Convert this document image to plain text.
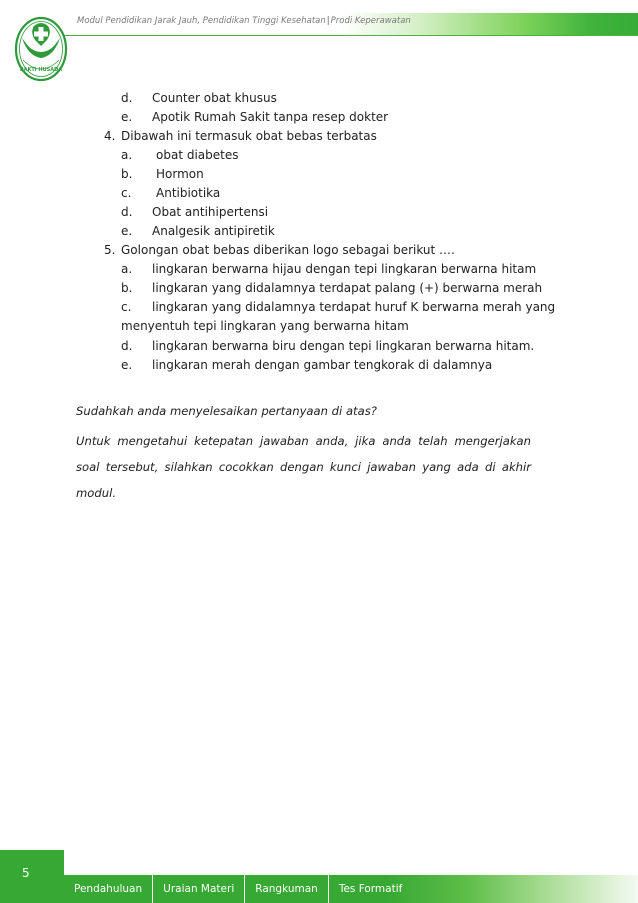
Modul Pendidikan Jarak Jauh, Pendidikan Tinggi Kesehatan|Prodi Keperawatan
BAKTI HUSADA
d. Counter obat khusus
e. Apotik Rumah Sakit tanpa resep dokter
4. Dibawah ini termasuk obat bebas terbatas
a. obat diabetes
b. Hormon
c. Antibiotika
d. Obat antihipertensi
e. Analgesik antipiretik
5. Golongan obat bebas diberikan logo sebagai berikut ….
a. lingkaran berwarna hijau dengan tepi lingkaran berwarna hitam
b. lingkaran yang didalamnya terdapat palang (+) berwarna merah
c. lingkaran yang didalamnya terdapat huruf K berwarna merah yang
menyentuh tepi lingkaran yang berwarna hitam
d. lingkaran berwarna biru dengan tepi lingkaran berwarna hitam.
e. lingkaran merah dengan gambar tengkorak di dalamnya
Sudahkah anda menyelesaikan pertanyaan di atas?
Untuk mengetahui ketepatan jawaban anda, jika anda telah mengerjakan soal tersebut, silahkan cocokkan dengan kunci jawaban yang ada di akhir modul.
5
Pendahuluan	Uraian Materi	Rangkuman	Tes Formatif
